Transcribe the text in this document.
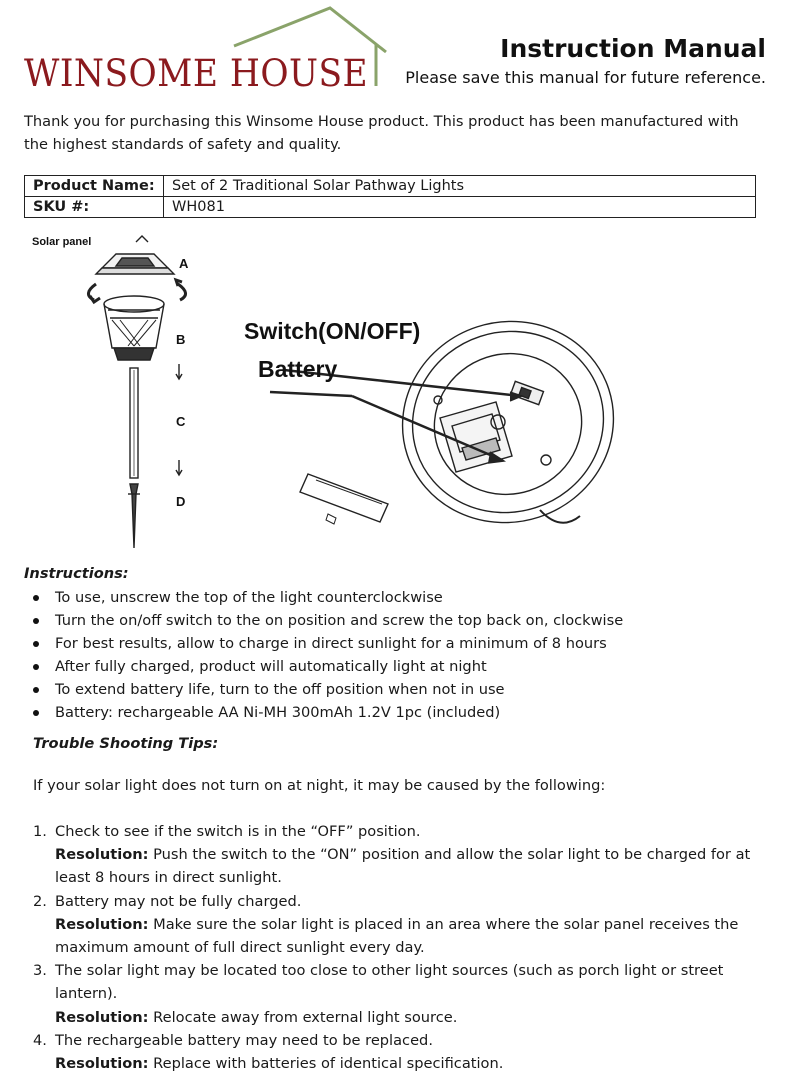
WINSOME HOUSE
Instruction Manual
Please save this manual for future reference.
Thank you for purchasing this Winsome House product. This product has been manufactured with the highest standards of safety and quality.
Product Name:	Set of 2 Traditional Solar Pathway Lights
SKU #:	WH081
Solar panel
A
B
C
D
Switch(ON/OFF)
Battery
Instructions:
To use, unscrew the top of the light counterclockwise
Turn the on/off switch to the on position and screw the top back on, clockwise
For best results, allow to charge in direct sunlight for a minimum of 8 hours
After fully charged, product will automatically light at night
To extend battery life, turn to the off position when not in use
Battery: rechargeable AA Ni-MH 300mAh 1.2V 1pc (included)
Trouble Shooting Tips:
If your solar light does not turn on at night, it may be caused by the following:
1. Check to see if the switch is in the “OFF” position.
Resolution: Push the switch to the “ON” position and allow the solar light to be charged for at least 8 hours in direct sunlight.
2. Battery may not be fully charged.
Resolution: Make sure the solar light is placed in an area where the solar panel receives the maximum amount of full direct sunlight every day.
3. The solar light may be located too close to other light sources (such as porch light or street lantern).
Resolution: Relocate away from external light source.
4. The rechargeable battery may need to be replaced.
Resolution: Replace with batteries of identical specification.
